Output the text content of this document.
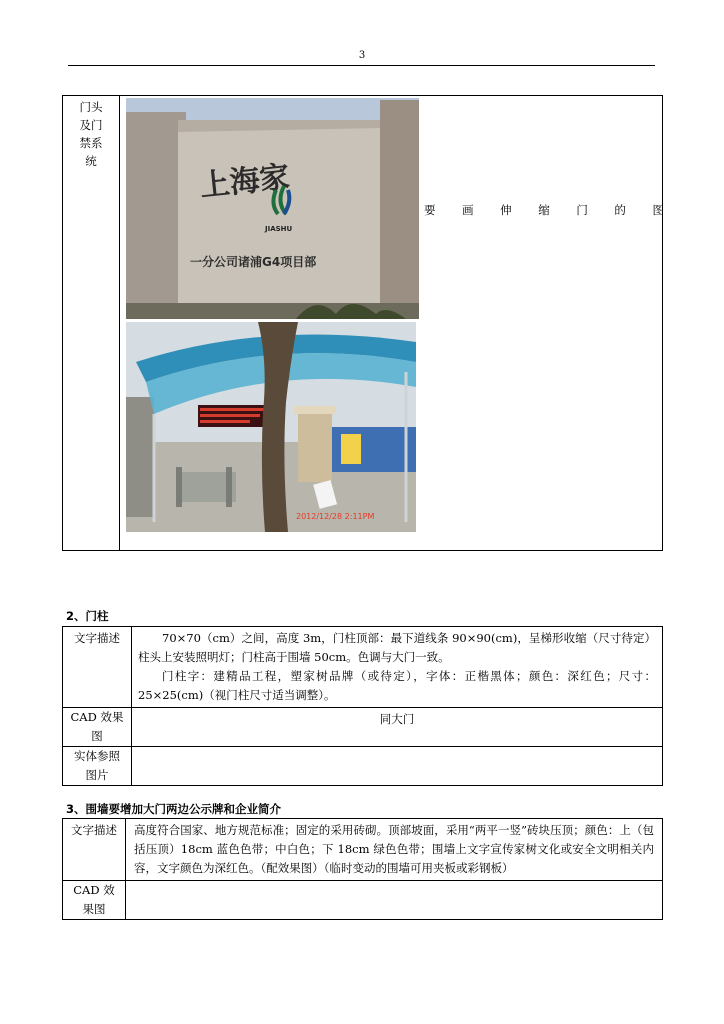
3
门头及门禁系统	上海家
JIASHU
一分公司诸浦G4项目部
2012/12/28 2:11PM
要 画 伸 缩 门 的 图
2、门柱
文字描述	70×70（cm）之间，高度 3m，门柱顶部：最下道线条 90×90(cm)，呈梯形收缩（尺寸待定）柱头上安装照明灯；门柱高于围墙 50cm。色调与大门一致。
门柱字：建精品工程，塑家树品牌（或待定），字体：正楷黑体；颜色：深红色；尺寸：25×25(cm)（视门柱尺寸适当调整）。

CAD 效果图	同大门
实体参照图片	
3、围墙要增加大门两边公示牌和企业简介
文字描述	高度符合国家、地方规范标准；固定的采用砖砌。顶部坡面，采用“两平一竖”砖块压顶；颜色：上（包括压顶）18cm 蓝色色带；中白色；下 18cm 绿色色带；围墙上文字宣传家树文化或安全文明相关内容，文字颜色为深红色。（配效果图）（临时变动的围墙可用夹板或彩钢板）

CAD 效果图	
